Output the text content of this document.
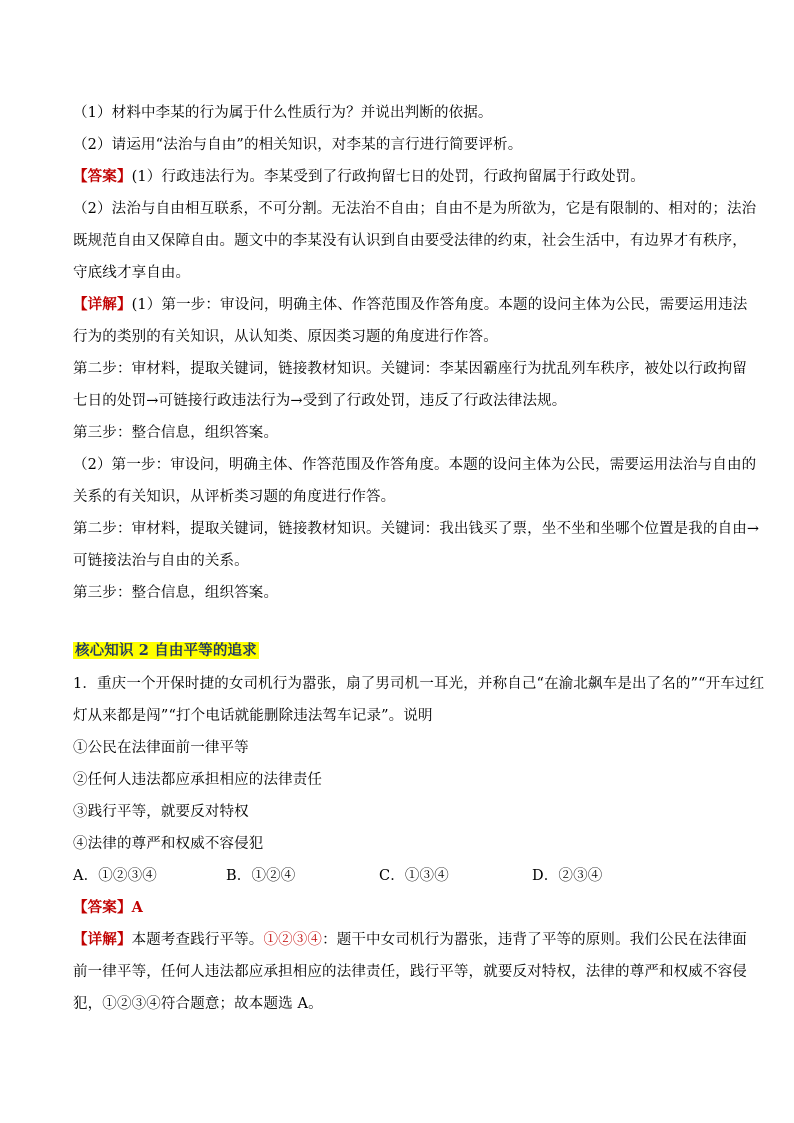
（1）材料中李某的行为属于什么性质行为？并说出判断的依据。
（2）请运用“法治与自由”的相关知识，对李某的言行进行简要评析。
【答案】(1）行政违法行为。李某受到了行政拘留七日的处罚，行政拘留属于行政处罚。
（2）法治与自由相互联系，不可分割。无法治不自由；自由不是为所欲为，它是有限制的、相对的；法治
既规范自由又保障自由。题文中的李某没有认识到自由要受法律的约束，社会生活中，有边界才有秩序，
守底线才享自由。
【详解】(1）第一步：审设问，明确主体、作答范围及作答角度。本题的设问主体为公民，需要运用违法
行为的类别的有关知识，从认知类、原因类习题的角度进行作答。
第二步：审材料，提取关键词，链接教材知识。关键词：李某因霸座行为扰乱列车秩序，被处以行政拘留
七日的处罚→可链接行政违法行为→受到了行政处罚，违反了行政法律法规。
第三步：整合信息，组织答案。
（2）第一步：审设问，明确主体、作答范围及作答角度。本题的设问主体为公民，需要运用法治与自由的
关系的有关知识，从评析类习题的角度进行作答。
第二步：审材料，提取关键词，链接教材知识。关键词：我出钱买了票，坐不坐和坐哪个位置是我的自由→
可链接法治与自由的关系。
第三步：整合信息，组织答案。
核心知识 2 自由平等的追求
1．重庆一个开保时捷的女司机行为嚣张，扇了男司机一耳光，并称自己“在渝北飙车是出了名的”“开车过红
灯从来都是闯”“打个电话就能删除违法驾车记录”。说明
①公民在法律面前一律平等
②任何人违法都应承担相应的法律责任
③践行平等，就要反对特权
④法律的尊严和权威不容侵犯
A．①②③④	B．①②④	C．①③④	D．②③④
【答案】A
【详解】本题考查践行平等。①②③④：题干中女司机行为嚣张，违背了平等的原则。我们公民在法律面
前一律平等，任何人违法都应承担相应的法律责任，践行平等，就要反对特权，法律的尊严和权威不容侵
犯，①②③④符合题意；故本题选 A。
